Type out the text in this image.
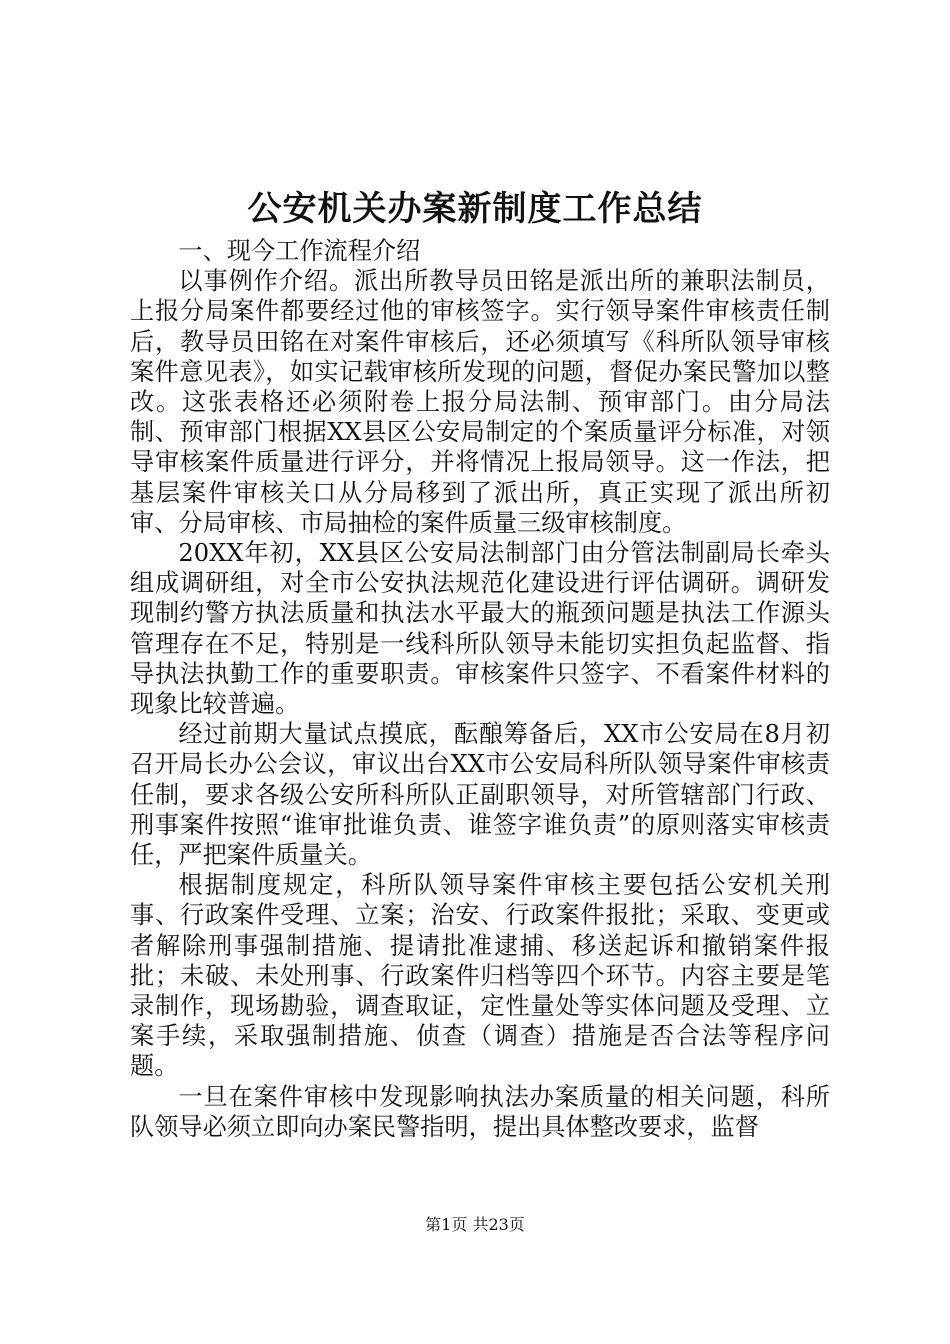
公安机关办案新制度工作总结

一、现今工作流程介绍

以事例作介绍。派出所教导员田铭是派出所的兼职法制员，上报分局案件都要经过他的审核签字。实行领导案件审核责任制后，教导员田铭在对案件审核后，还必须填写《科所队领导审核案件意见表》，如实记载审核所发现的问题，督促办案民警加以整改。这张表格还必须附卷上报分局法制、预审部门。由分局法制、预审部门根据XX县区公安局制定的个案质量评分标准，对领导审核案件质量进行评分，并将情况上报局领导。这一作法，把基层案件审核关口从分局移到了派出所，真正实现了派出所初审、分局审核、市局抽检的案件质量三级审核制度。

20XX年初，XX县区公安局法制部门由分管法制副局长牵头组成调研组，对全市公安执法规范化建设进行评估调研。调研发现制约警方执法质量和执法水平最大的瓶颈问题是执法工作源头管理存在不足，特别是一线科所队领导未能切实担负起监督、指导执法执勤工作的重要职责。审核案件只签字、不看案件材料的现象比较普遍。

经过前期大量试点摸底，酝酿筹备后，XX市公安局在8月初召开局长办公会议，审议出台XX市公安局科所队领导案件审核责任制，要求各级公安所科所队正副职领导，对所管辖部门行政、刑事案件按照“谁审批谁负责、谁签字谁负责”的原则落实审核责任，严把案件质量关。

根据制度规定，科所队领导案件审核主要包括公安机关刑事、行政案件受理、立案；治安、行政案件报批；采取、变更或者解除刑事强制措施、提请批准逮捕、移送起诉和撤销案件报批；未破、未处刑事、行政案件归档等四个环节。内容主要是笔录制作，现场勘验，调查取证，定性量处等实体问题及受理、立案手续，采取强制措施、侦查（调查）措施是否合法等程序问题。

一旦在案件审核中发现影响执法办案质量的相关问题，科所队领导必须立即向办案民警指明，提出具体整改要求，监督

第1页 共23页
